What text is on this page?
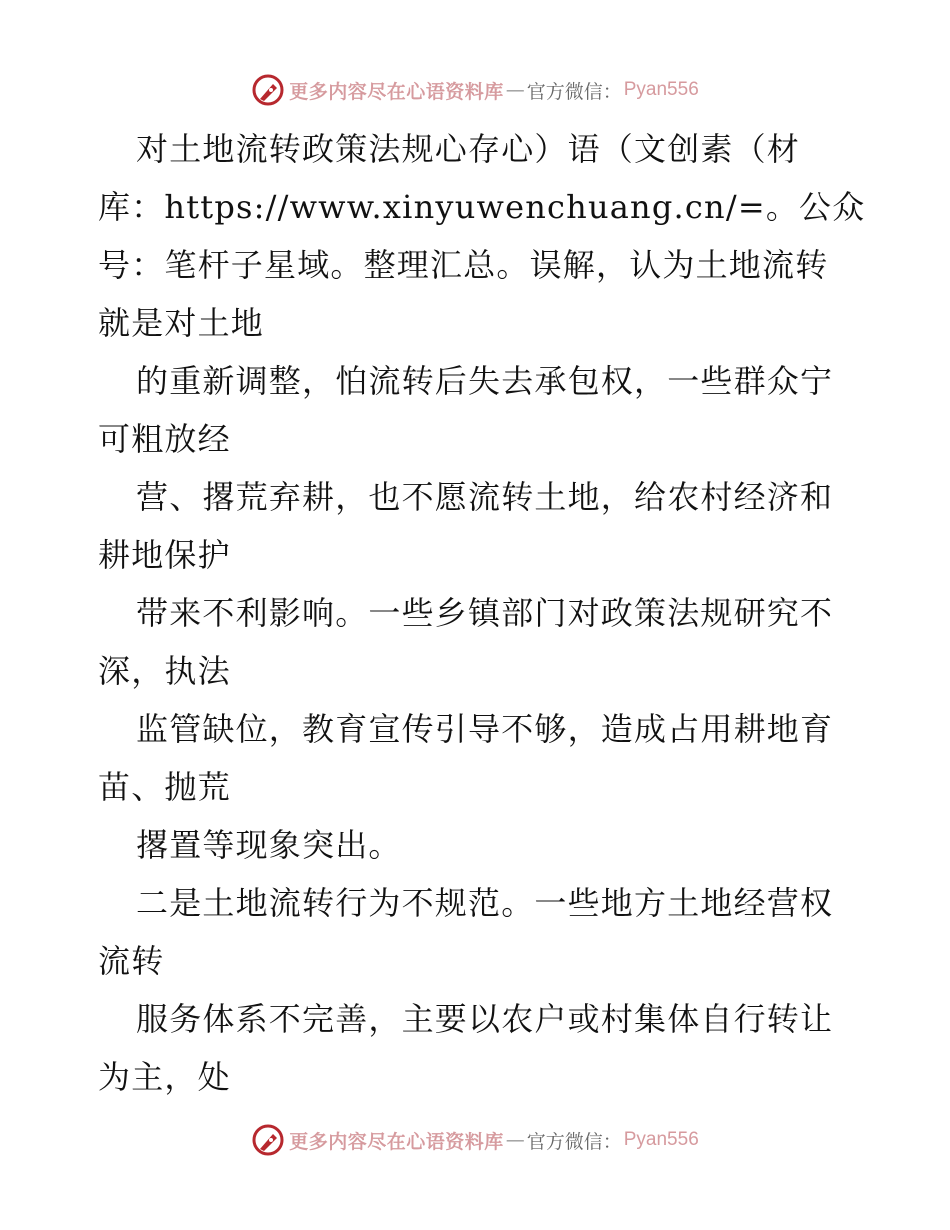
更多内容尽在心语资料库 — 官方微信： Pyan556
对土地流转政策法规心存心）语（文创素（材
库：https://www.xinyuwenchuang.cn/=。公众
号：笔杆子星域。整理汇总。误解，认为土地流转
就是对土地
的重新调整，怕流转后失去承包权，一些群众宁
可粗放经
营、撂荒弃耕，也不愿流转土地，给农村经济和
耕地保护
带来不利影响。一些乡镇部门对政策法规研究不
深，执法
监管缺位，教育宣传引导不够，造成占用耕地育
苗、抛荒
撂置等现象突出。
二是土地流转行为不规范。一些地方土地经营权
流转
服务体系不完善，主要以农户或村集体自行转让
为主，处
更多内容尽在心语资料库 — 官方微信： Pyan556
